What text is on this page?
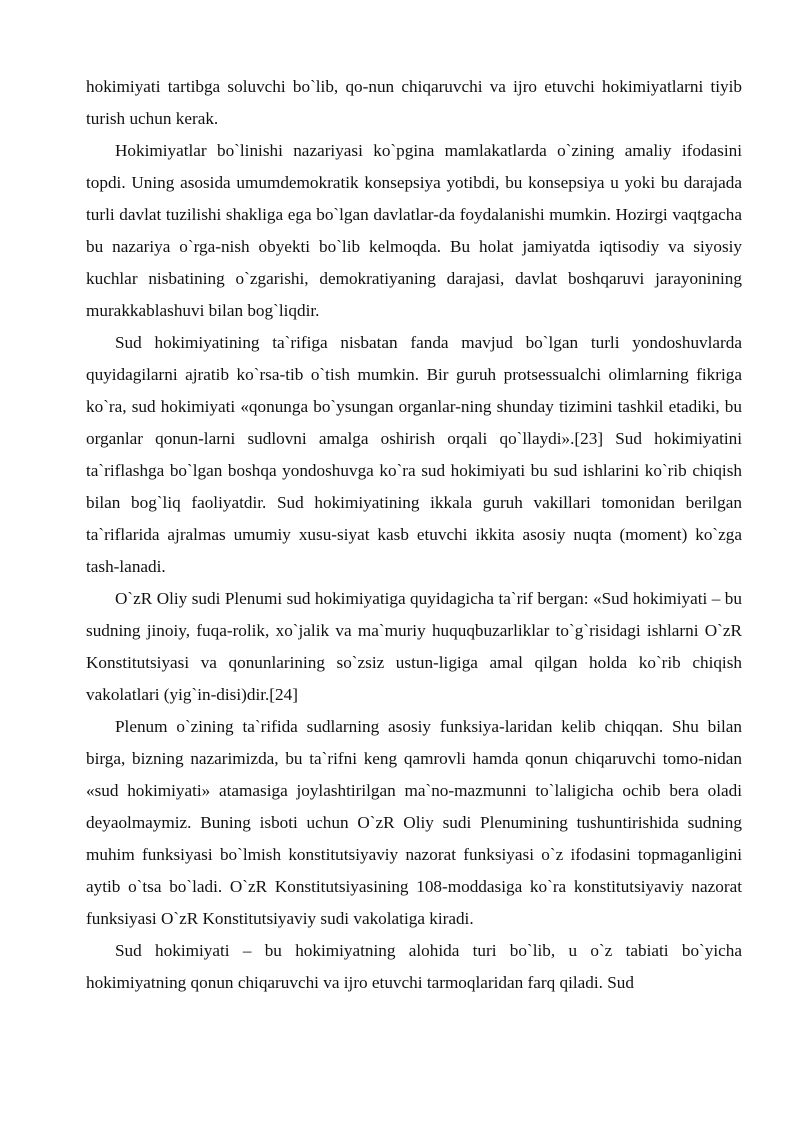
hokimiyati tartibga soluvchi bo`lib, qo-nun chiqaruvchi va ijro etuvchi hokimiyatlarni tiyib turish uchun kerak.

Hokimiyatlar bo`linishi nazariyasi ko`pgina mamlakatlarda o`zining amaliy ifodasini topdi. Uning asosida umumdemokratik konsepsiya yotibdi, bu konsepsiya u yoki bu darajada turli davlat tuzilishi shakliga ega bo`lgan davlatlar-da foydalanishi mumkin. Hozirgi vaqtgacha bu nazariya o`rga-nish obyekti bo`lib kelmoqda. Bu holat jamiyatda iqtisodiy va siyosiy kuchlar nisbatining o`zgarishi, demokratiyaning darajasi, davlat boshqaruvi jarayonining murakkablashuvi bilan bog`liqdir.

Sud hokimiyatining ta`rifiga nisbatan fanda mavjud bo`lgan turli yondoshuvlarda quyidagilarni ajratib ko`rsa-tib o`tish mumkin. Bir guruh protsessualchi olimlarning fikriga ko`ra, sud hokimiyati «qonunga bo`ysungan organlar-ning shunday tizimini tashkil etadiki, bu organlar qonun-larni sudlovni amalga oshirish orqali qo`llaydi».[23] Sud hokimiyatini ta`riflashga bo`lgan boshqa yondoshuvga ko`ra sud hokimiyati bu sud ishlarini ko`rib chiqish bilan bog`liq faoliyatdir. Sud hokimiyatining ikkala guruh vakillari tomonidan berilgan ta`riflarida ajralmas umumiy xusu-siyat kasb etuvchi ikkita asosiy nuqta (moment) ko`zga tash-lanadi.

O`zR Oliy sudi Plenumi sud hokimiyatiga quyidagicha ta`rif bergan: «Sud hokimiyati – bu sudning jinoiy, fuqa-rolik, xo`jalik va ma`muriy huquqbuzarliklar to`g`risidagi ishlarni O`zR Konstitutsiyasi va qonunlarining so`zsiz ustun-ligiga amal qilgan holda ko`rib chiqish vakolatlari (yig`in-disi)dir.[24]

Plenum o`zining ta`rifida sudlarning asosiy funksiya-laridan kelib chiqqan. Shu bilan birga, bizning nazarimizda, bu ta`rifni keng qamrovli hamda qonun chiqaruvchi tomo-nidan «sud hokimiyati» atamasiga joylashtirilgan ma`no-mazmunni to`laligicha ochib bera oladi deyaolmaymiz. Buning isboti uchun O`zR Oliy sudi Plenumining tushuntirishida sudning muhim funksiyasi bo`lmish konstitutsiyaviy nazorat funksiyasi o`z ifodasini topmaganligini aytib o`tsa bo`ladi. O`zR Konstitutsiyasining 108-moddasiga ko`ra konstitutsiyaviy nazorat funksiyasi O`zR Konstitutsiyaviy sudi vakolatiga kiradi.

Sud hokimiyati – bu hokimiyatning alohida turi bo`lib, u o`z tabiati bo`yicha hokimiyatning qonun chiqaruvchi va ijro etuvchi tarmoqlaridan farq qiladi. Sud
